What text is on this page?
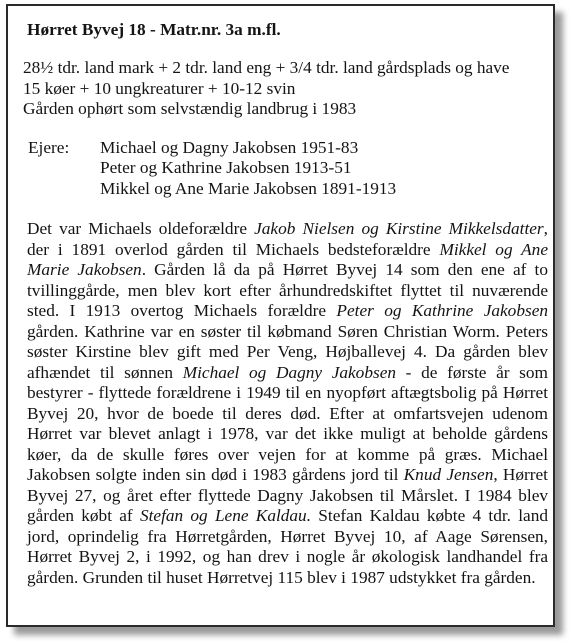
Hørret Byvej 18 - Matr.nr. 3a m.fl.
28½ tdr. land mark + 2 tdr. land eng + 3/4 tdr. land gårdsplads og have
15 køer + 10 ungkreaturer + 10-12 svin
Gården ophørt som selvstændig landbrug i 1983
Ejere:	Michael og Dagny Jakobsen 1951-83
Peter og Kathrine Jakobsen 1913-51
Mikkel og Ane Marie Jakobsen 1891-1913
Det var Michaels oldeforældre Jakob Nielsen og Kirstine Mikkelsdatter, der i 1891 overlod gården til Michaels bedsteforældre Mikkel og Ane Marie Jakobsen. Gården lå da på Hørret Byvej 14 som den ene af to tvillinggårde, men blev kort efter århundredskiftet flyttet til nuværende sted. I 1913 overtog Michaels forældre Peter og Kathrine Jakobsen gården. Kathrine var en søster til købmand Søren Christian Worm. Peters søster Kirstine blev gift med Per Veng, Højballevej 4. Da gården blev afhændet til sønnen Michael og Dagny Jakobsen - de første år som bestyrer - flyttede forældrene i 1949 til en nyopført aftægtsbolig på Hørret Byvej 20, hvor de boede til deres død. Efter at omfartsvejen udenom Hørret var blevet anlagt i 1978, var det ikke muligt at beholde gårdens køer, da de skulle føres over vejen for at komme på græs. Michael Jakobsen solgte inden sin død i 1983 gårdens jord til Knud Jensen, Hørret Byvej 27, og året efter flyttede Dagny Jakobsen til Mårslet. I 1984 blev gården købt af Stefan og Lene Kaldau. Stefan Kaldau købte 4 tdr. land jord, oprindelig fra Hørretgården, Hørret Byvej 10, af Aage Sørensen, Hørret Byvej 2, i 1992, og han drev i nogle år økologisk landhandel fra gården. Grunden til huset Hørretvej 115 blev i 1987 udstykket fra gården.
